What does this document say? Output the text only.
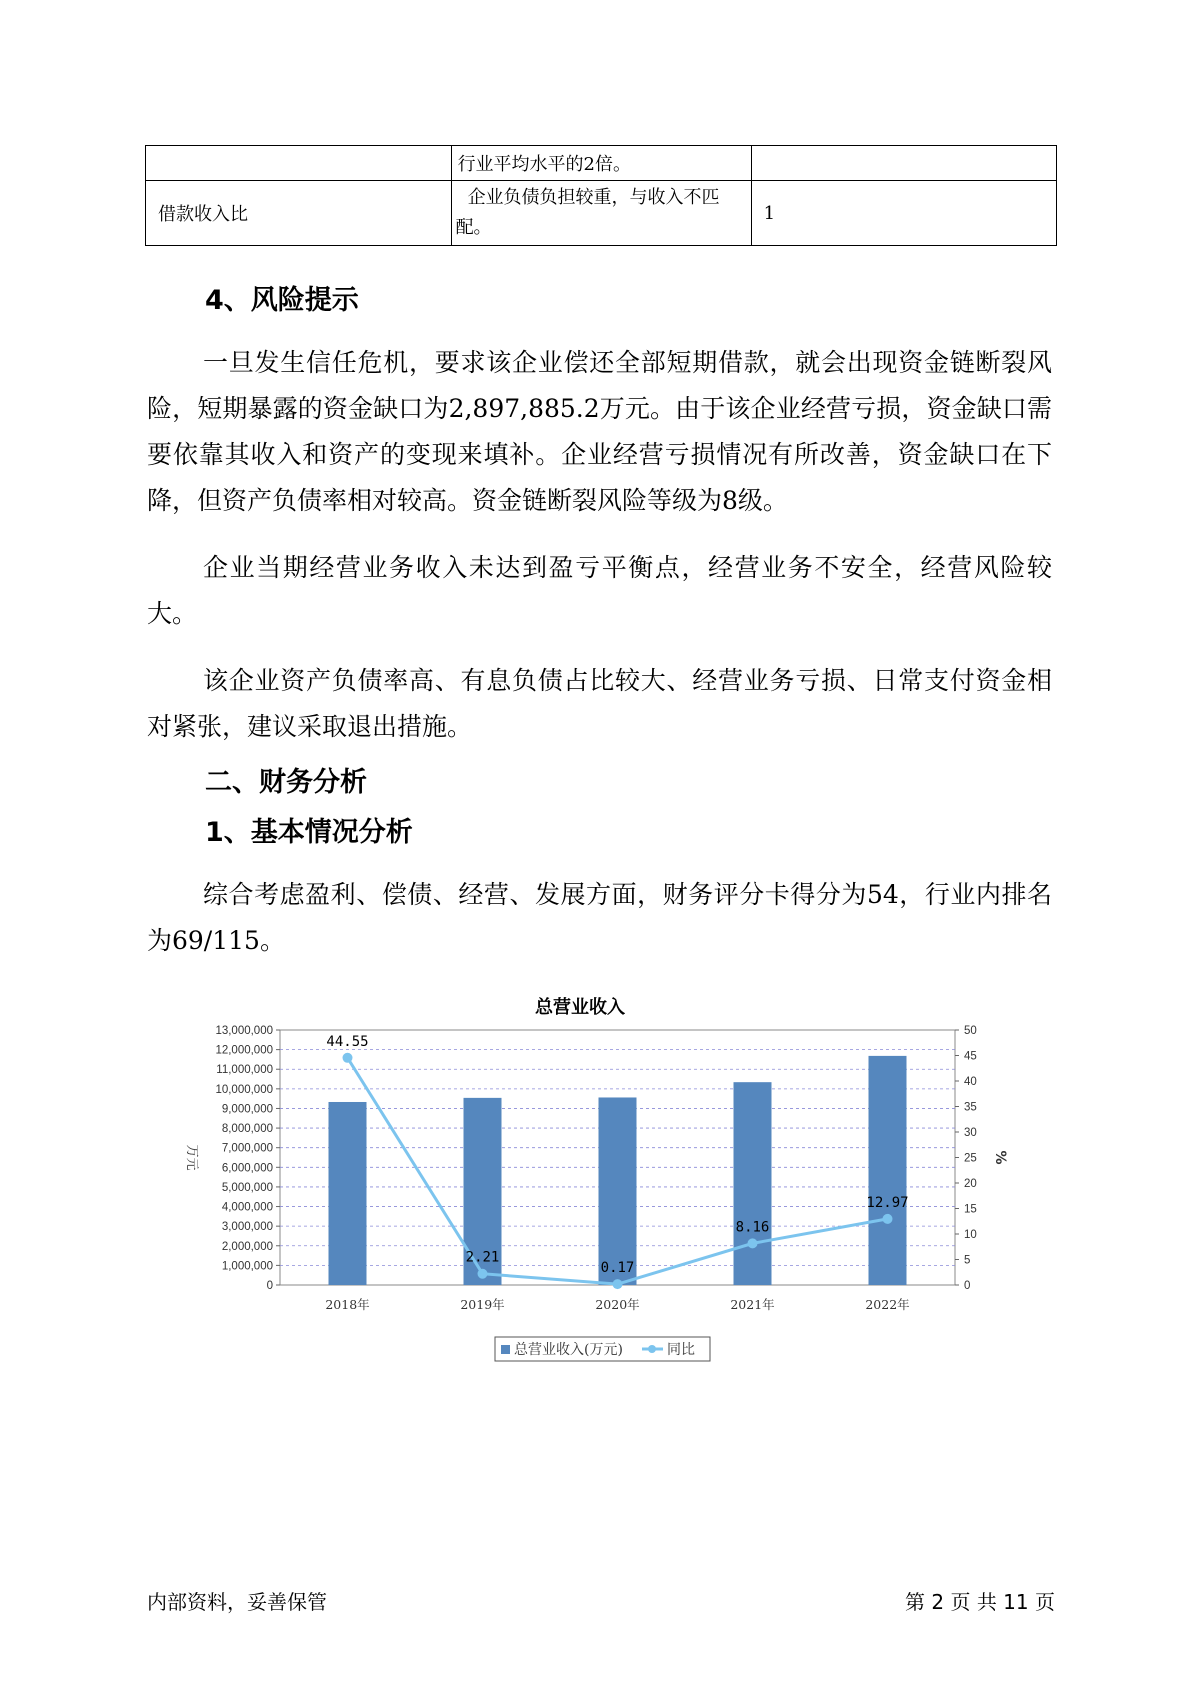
	行业平均水平的2倍。	
借款收入比	企业负债负担较重，与收入不匹配。	1
4、风险提示
一旦发生信任危机，要求该企业偿还全部短期借款，就会出现资金链断裂风险，短期暴露的资金缺口为2,897,885.2万元。由于该企业经营亏损，资金缺口需要依靠其收入和资产的变现来填补。企业经营亏损情况有所改善，资金缺口在下降，但资产负债率相对较高。资金链断裂风险等级为8级。
企业当期经营业务收入未达到盈亏平衡点，经营业务不安全，经营风险较大。
该企业资产负债率高、有息负债占比较大、经营业务亏损、日常支付资金相对紧张，建议采取退出措施。
二、财务分析
1、基本情况分析
综合考虑盈利、偿债、经营、发展方面，财务评分卡得分为54，行业内排名为69/115。
总营业收入
0
1,000,000
2,000,000
3,000,000
4,000,000
5,000,000
6,000,000
7,000,000
8,000,000
9,000,000
10,000,000
11,000,000
12,000,000
13,000,000
0
5
10
15
20
25
30
35
40
45
50
万元	%
2018年	2019年	2020年	2021年	2022年
44.55
2.21
0.17
8.16
12.97
总营业收入(万元)	同比
内部资料，妥善保管	第 2 页 共 11 页
